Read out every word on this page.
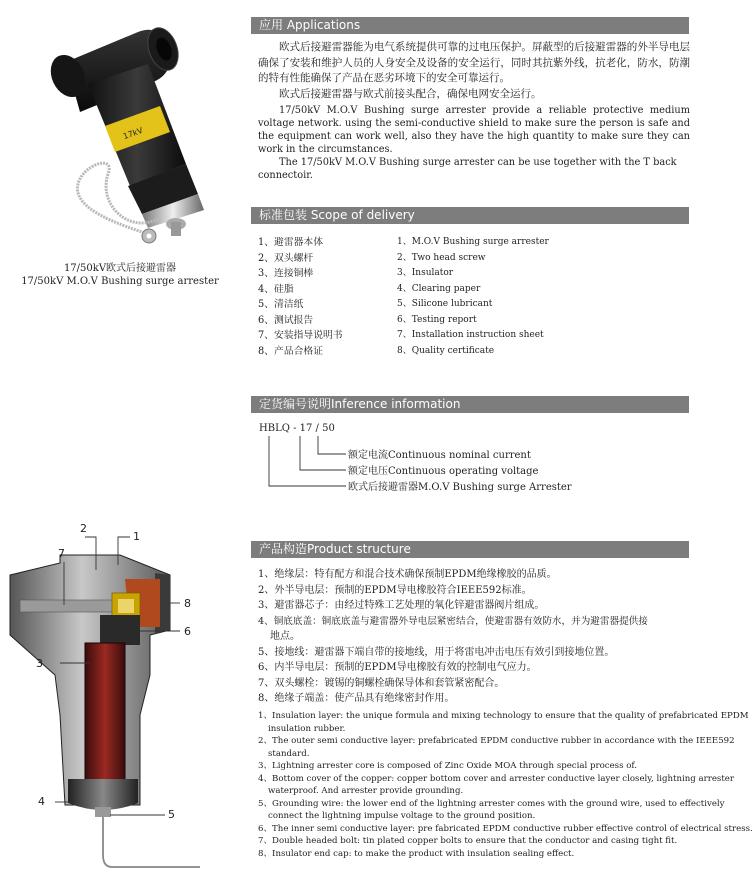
17kV
17/50kV欧式后接避雷器
17/50kV M.O.V Bushing surge arrester
应用 Applications
欧式后接避雷器能为电气系统提供可靠的过电压保护。屏蔽型的后接避雷器的外半导电层确保了安装和维护人员的人身安全及设备的安全运行，同时其抗紫外线，抗老化，防水，防潮的特有性能确保了产品在恶劣环境下的安全可靠运行。
欧式后接避雷器与欧式前接头配合，确保电网安全运行。
17/50kV M.O.V Bushing surge arrester provide a reliable protective medium voltage network. using the semi-conductive shield to make sure the person is safe and the equipment can work well, also they have the high quantity to make sure they can work in the circumstances.
The 17/50kV M.O.V Bushing surge arrester can be use together with the T back connectoir.
标准包装 Scope of delivery
1、避雷器本体
2、双头螺杆
3、连接铜棒
4、硅脂
5、清洁纸
6、测试报告
7、安装指导说明书
8、产品合格证
1、M.O.V Bushing surge arrester
2、Two head screw
3、Insulator
4、Clearing paper
5、Silicone lubricant
6、Testing report
7、Installation instruction sheet
8、Quality certificate
定货编号说明Inference information
HBLQ - 17 / 50
额定电流Continuous nominal current
额定电压Continuous operating voltage
欧式后接避雷器M.O.V Bushing surge Arrester
1
2
7
8
6
3
4
5
产品构造Product structure
1、绝缘层：特有配方和混合技术确保预制EPDM绝缘橡胶的品质。
2、外半导电层：预制的EPDM导电橡胶符合IEEE592标准。
3、避雷器芯子：由经过特殊工艺处理的氧化锌避雷器阀片组成。
4、铜底底盖：铜底底盖与避雷器外导电层紧密结合，使避雷器有效防水，并为避雷器提供接
地点。
5、接地线：避雷器下端自带的接地线，用于将雷电冲击电压有效引到接地位置。
6、内半导电层：预制的EPDM导电橡胶有效的控制电气应力。
7、双头螺栓：镀锡的铜螺栓确保导体和套管紧密配合。
8、绝缘子端盖：使产品具有绝缘密封作用。
1、Insulation layer: the unique formula and mixing technology to ensure that the quality of prefabricated EPDM
insulation rubber.
2、The outer semi conductive layer: prefabricated EPDM conductive rubber in accordance with the IEEE592
standard.
3、Lightning arrester core is composed of Zinc Oxide MOA through special process of.
4、Bottom cover of the copper: copper bottom cover and arrester conductive layer closely, lightning arrester
waterproof. And arrester provide grounding.
5、Grounding wire: the lower end of the lightning arrester comes with the ground wire, used to effectively
connect the lightning impulse voltage to the ground position.
6、The inner semi conductive layer: pre fabricated EPDM conductive rubber effective control of electrical stress.
7、Double headed bolt: tin plated copper bolts to ensure that the conductor and casing tight fit.
8、Insulator end cap: to make the product with insulation sealing effect.
